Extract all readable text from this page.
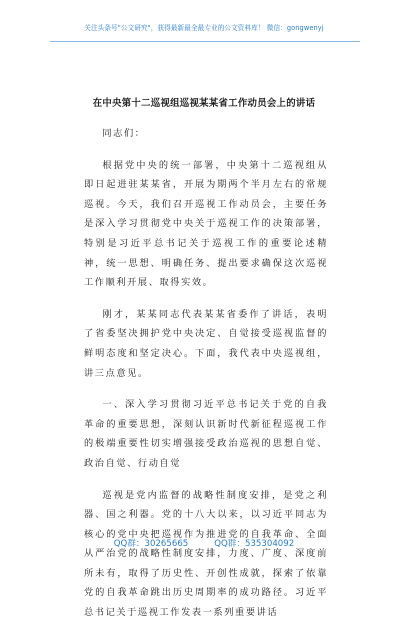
关注头条号"公文研究"，获得最新最全最专业的公文资料库！ 微信：gongwenyj
在中央第十二巡视组巡视某某省工作动员会上的讲话

同志们：

根据党中央的统一部署，中央第十二巡视组从即日起进驻某某省，开展为期两个半月左右的常规巡视。今天，我们召开巡视工作动员会，主要任务是深入学习贯彻党中央关于巡视工作的决策部署，特别是习近平总书记关于巡视工作的重要论述精神，统一思想、明确任务、提出要求确保这次巡视工作顺利开展、取得实效。

刚才，某某同志代表某某省委作了讲话，表明了省委坚决拥护党中央决定、自觉接受巡视监督的鲜明态度和坚定决心。下面，我代表中央巡视组，讲三点意见。

一、深入学习贯彻习近平总书记关于党的自我革命的重要思想，深刻认识新时代新征程巡视工作的极端重要性切实增强接受政治巡视的思想自觉、政治自觉、行动自觉

巡视是党内监督的战略性制度安排，是党之利器、国之利器。党的十八大以来，以习近平同志为核心的党中央把巡视作为推进党的自我革命、全面从严治党的战略性制度安排，力度、广度、深度前所未有，取得了历史性、开创性成就，探索了依靠党的自我革命跳出历史周期率的成功路径。习近平总书记关于巡视工作发表一系列重要讲话

QQ群：30265665	QQ群：535304092
